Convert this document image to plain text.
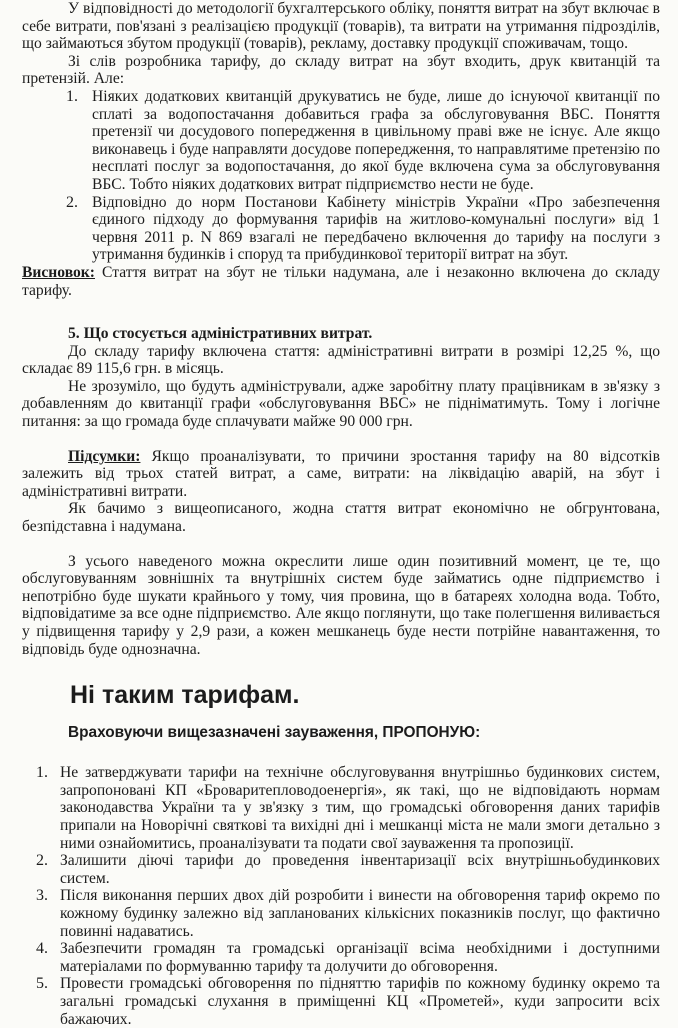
У відповідності до методології бухгалтерського обліку, поняття витрат на збут включає в себе витрати, пов'язані з реалізацією продукції (товарів), та витрати на утримання підрозділів, що займаються збутом продукції (товарів), рекламу, доставку продукції споживачам, тощо.

Зі слів розробника тарифу, до складу витрат на збут входить, друк квитанцій та претензій. Але:

1. Ніяких додаткових квитанцій друкуватись не буде, лише до існуючої квитанції по сплаті за водопостачання добавиться графа за обслуговування ВБС. Поняття претензії чи досудового попередження в цивільному праві вже не існує. Але якщо виконавець і буде направляти досудове попередження, то направлятиме претензію по несплаті послуг за водопостачання, до якої буде включена сума за обслуговування ВБС. Тобто ніяких додаткових витрат підприємство нести не буде.
2. Відповідно до норм Постанови Кабінету міністрів України «Про забезпечення єдиного підходу до формування тарифів на житлово-комунальні послуги» від 1 червня 2011 р. N 869 взагалі не передбачено включення до тарифу на послуги з утримання будинків і споруд та прибудинкової території витрат на збут.

Висновок: Стаття витрат на збут не тільки надумана, але і незаконно включена до складу тарифу.

5. Що стосується адміністративних витрат.

До складу тарифу включена стаття: адміністративні витрати в розмірі 12,25 %, що складає 89 115,6 грн. в місяць.

Не зрозуміло, що будуть адміністрували, адже заробітну плату працівникам в зв'язку з добавленням до квитанції графи «обслуговування ВБС» не підніматимуть. Тому і логічне питання: за що громада буде сплачувати майже 90 000 грн.

Підсумки: Якщо проаналізувати, то причини зростання тарифу на 80 відсотків залежить від трьох статей витрат, а саме, витрати: на ліквідацію аварій, на збут і адміністративні витрати.

Як бачимо з вищеописаного, жодна стаття витрат економічно не обгрунтована, безпідставна і надумана.

З усього наведеного можна окреслити лише один позитивний момент, це те, що обслуговуванням зовнішніх та внутрішніх систем буде займатись одне підприємство і непотрібно буде шукати крайнього у тому, чия провина, що в батареях холодна вода. Тобто, відповідатиме за все одне підприємство. Але якщо поглянути, що таке полегшення виливається у підвищення тарифу у 2,9 рази, а кожен мешканець буде нести потрійне навантаження, то відповідь буде однозначна.

Ні таким тарифам.
Враховуючи вищезазначені зауваження, ПРОПОНУЮ:
1. Не затверджувати тарифи на технічне обслуговування внутрішньо будинкових систем, запропоновані КП «Броваритепловодоенергія», як такі, що не відповідають нормам законодавства України та у зв'язку з тим, що громадські обговорення даних тарифів припали на Новорічні святкові та вихідні дні і мешканці міста не мали змоги детально з ними ознайомитись, проаналізувати та подати свої зауваження та пропозиції.
2. Залишити діючі тарифи до проведення інвентаризації всіх внутрішньобудинкових систем.
3. Після виконання перших двох дій розробити і винести на обговорення тариф окремо по кожному будинку залежно від запланованих кількісних показників послуг, що фактично повинні надаватись.
4. Забезпечити громадян та громадські організації всіма необхідними і доступними матеріалами по формуванню тарифу та долучити до обговорення.
5. Провести громадські обговорення по підняттю тарифів по кожному будинку окремо та загальні громадські слухання в приміщенні КЦ «Прометей», куди запросити всіх бажаючих.
